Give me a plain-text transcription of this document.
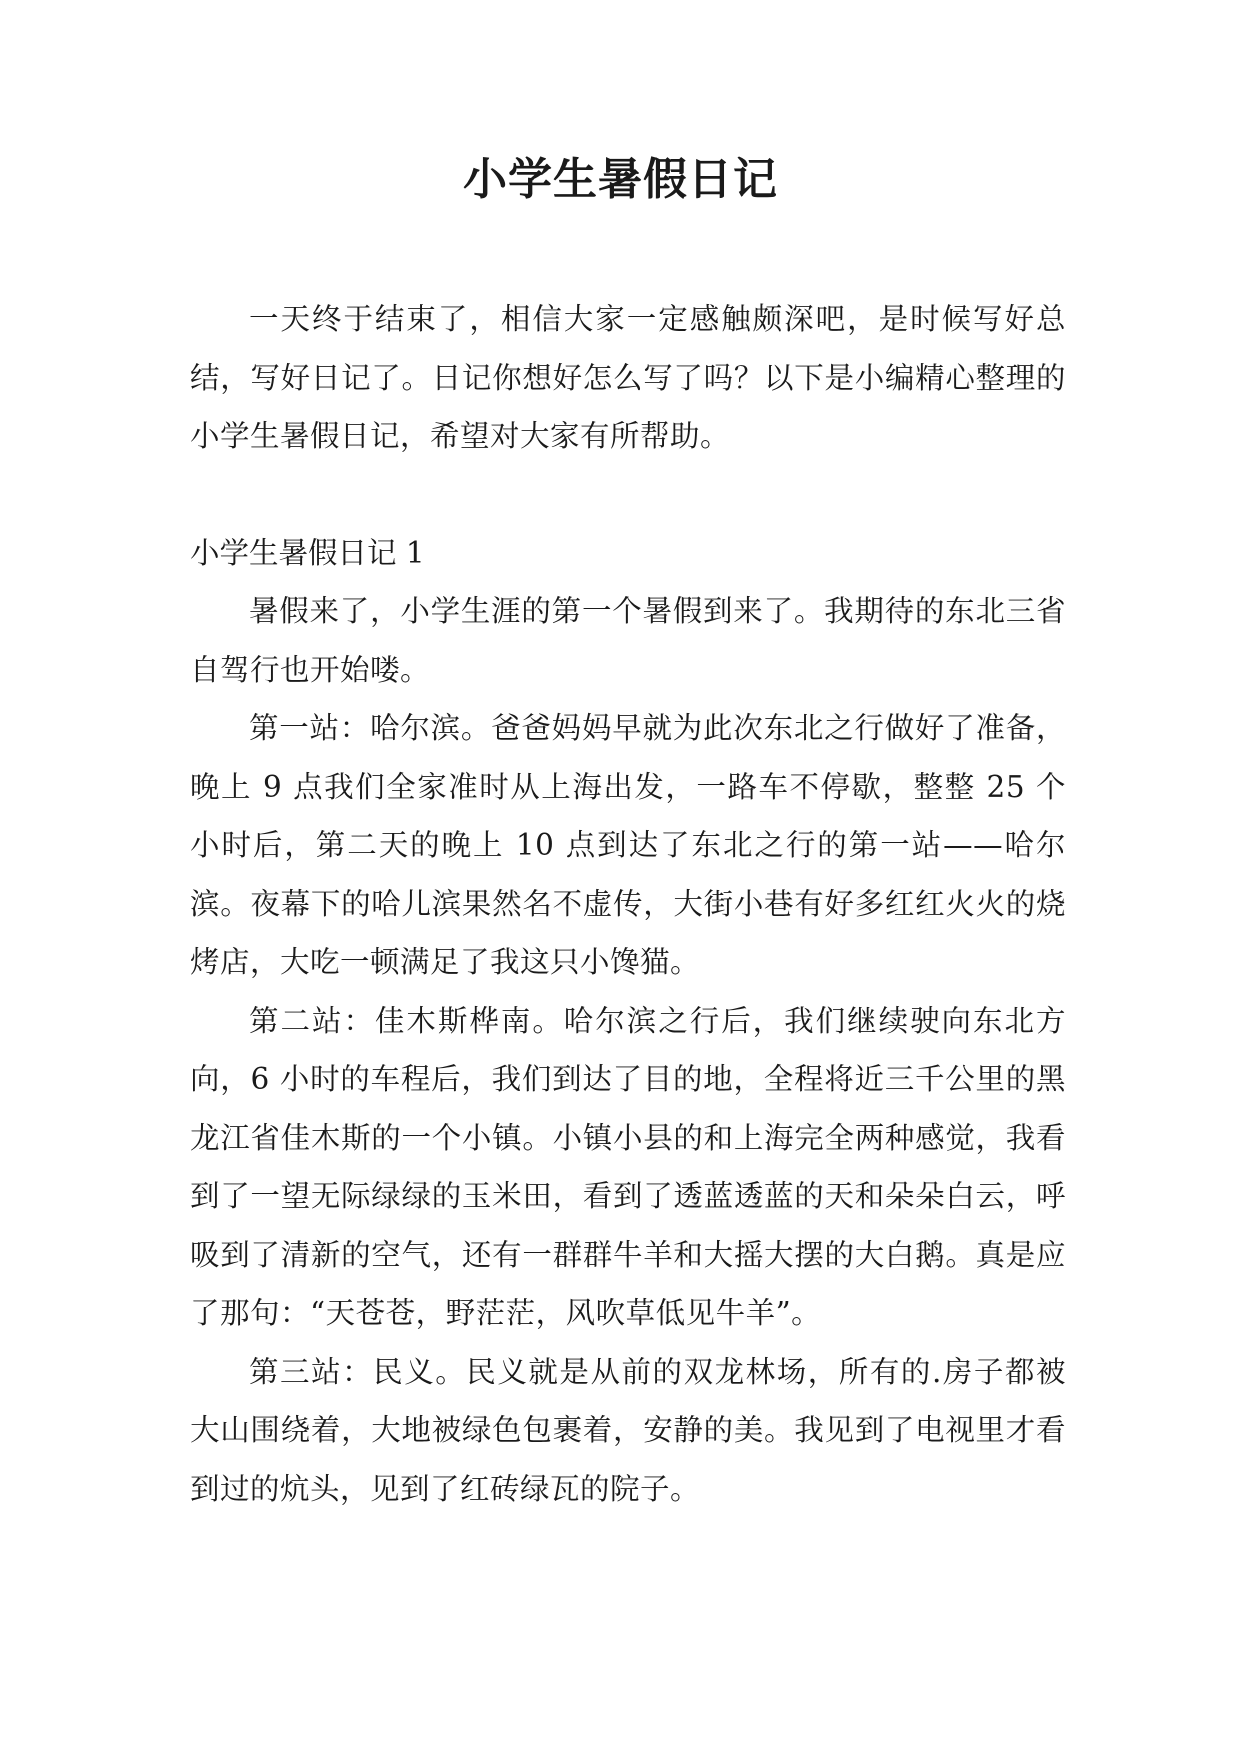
小学生暑假日记

一天终于结束了，相信大家一定感触颇深吧，是时候写好总结，写好日记了。日记你想好怎么写了吗？以下是小编精心整理的小学生暑假日记，希望对大家有所帮助。

小学生暑假日记 1

暑假来了，小学生涯的第一个暑假到来了。我期待的东北三省自驾行也开始喽。

第一站：哈尔滨。爸爸妈妈早就为此次东北之行做好了准备，晚上 9 点我们全家准时从上海出发，一路车不停歇，整整 25 个小时后，第二天的晚上 10 点到达了东北之行的第一站——哈尔滨。夜幕下的哈儿滨果然名不虚传，大街小巷有好多红红火火的烧烤店，大吃一顿满足了我这只小馋猫。

第二站：佳木斯桦南。哈尔滨之行后，我们继续驶向东北方向，6 小时的车程后，我们到达了目的地，全程将近三千公里的黑龙江省佳木斯的一个小镇。小镇小县的和上海完全两种感觉，我看到了一望无际绿绿的玉米田，看到了透蓝透蓝的天和朵朵白云，呼吸到了清新的空气，还有一群群牛羊和大摇大摆的大白鹅。真是应了那句：“天苍苍，野茫茫，风吹草低见牛羊”。

第三站：民义。民义就是从前的双龙林场，所有的.房子都被大山围绕着，大地被绿色包裹着，安静的美。我见到了电视里才看到过的炕头，见到了红砖绿瓦的院子。
